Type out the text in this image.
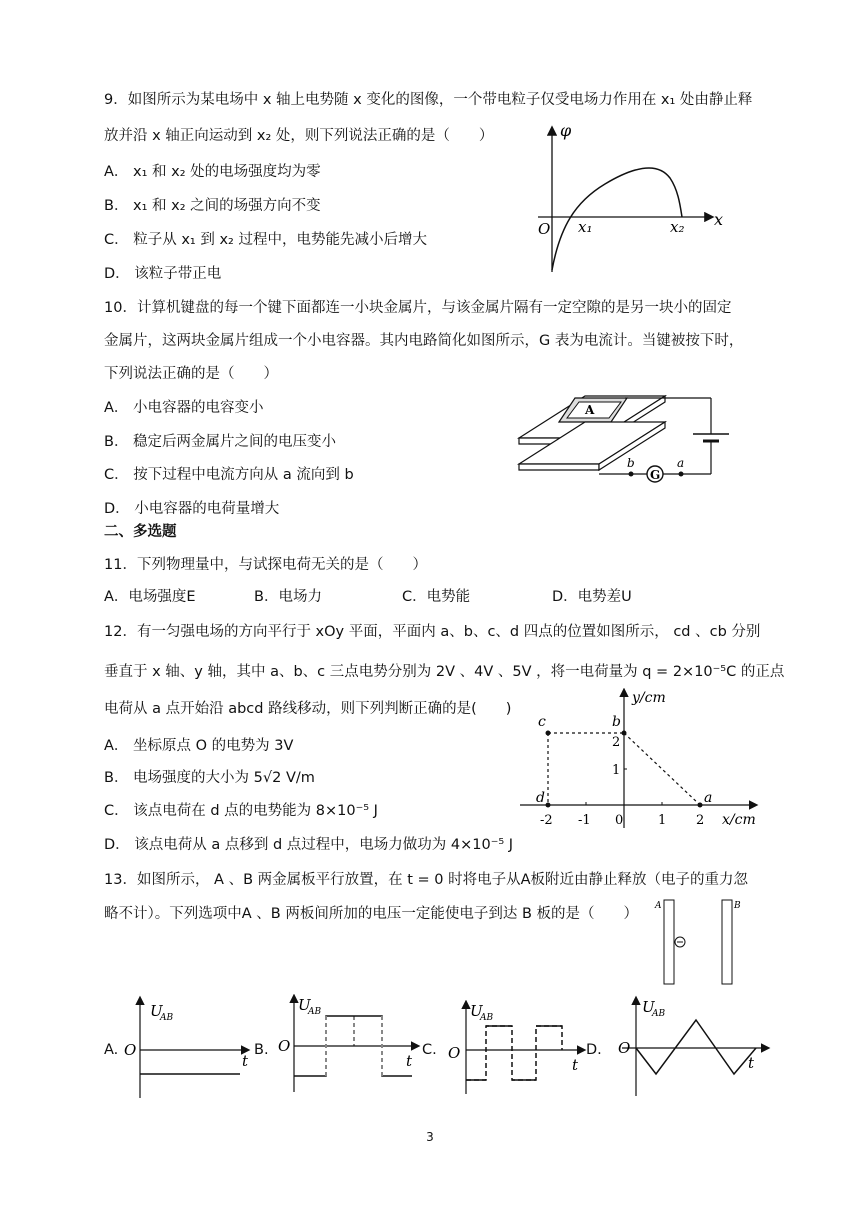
9．如图所示为某电场中 x 轴上电势随 x 变化的图像，一个带电粒子仅受电场力作用在 x₁ 处由静止释
放并沿 x 轴正向运动到 x₂ 处，则下列说法正确的是（　　）
A． x₁ 和 x₂ 处的电场强度均为零
B． x₁ 和 x₂ 之间的场强方向不变
C． 粒子从 x₁ 到 x₂ 过程中，电势能先减小后增大
D． 该粒子带正电
φ
x
O x₁	x₂
10．计算机键盘的每一个键下面都连一小块金属片，与该金属片隔有一定空隙的是另一块小的固定
金属片，这两块金属片组成一个小电容器。其内电路简化如图所示，G 表为电流计。当键被按下时，
下列说法正确的是（　　）
A． 小电容器的电容变小
B． 稳定后两金属片之间的电压变小
C． 按下过程中电流方向从 a 流向到 b
D． 小电容器的电荷量增大
A
G
b	a
二、多选题
11．下列物理量中，与试探电荷无关的是（　　）
A．电场强度E	B．电场力	C．电势能	D．电势差U
12．有一匀强电场的方向平行于 xOy 平面，平面内 a、b、c、d 四点的位置如图所示， cd 、cb 分别
垂直于 x 轴、y 轴，其中 a、b、c 三点电势分别为 2V 、4V 、5V ，将一电荷量为 q = 2×10⁻⁵C 的正点
电荷从 a 点开始沿 abcd 路线移动，则下列判断正确的是(　　)
A． 坐标原点 O 的电势为 3V
B． 电场强度的大小为 5√2 V/m
C． 该点电荷在 d 点的电势能为 8×10⁻⁵ J
D． 该点电荷从 a 点移到 d 点过程中，电场力做功为 4×10⁻⁵ J
y/cm
x/cm
c	b
d	a
-2 -1 0	1 2
1
2
13．如图所示， A 、B 两金属板平行放置，在 t = 0 时将电子从A板附近由静止释放（电子的重力忽
略不计）。下列选项中A 、B 两板间所加的电压一定能使电子到达 B 板的是（　　） A	B
A.
U
AB
O
t
B.
U
AB
O
t
C.
U
AB
O
t
D.
U
AB
O
t
3
